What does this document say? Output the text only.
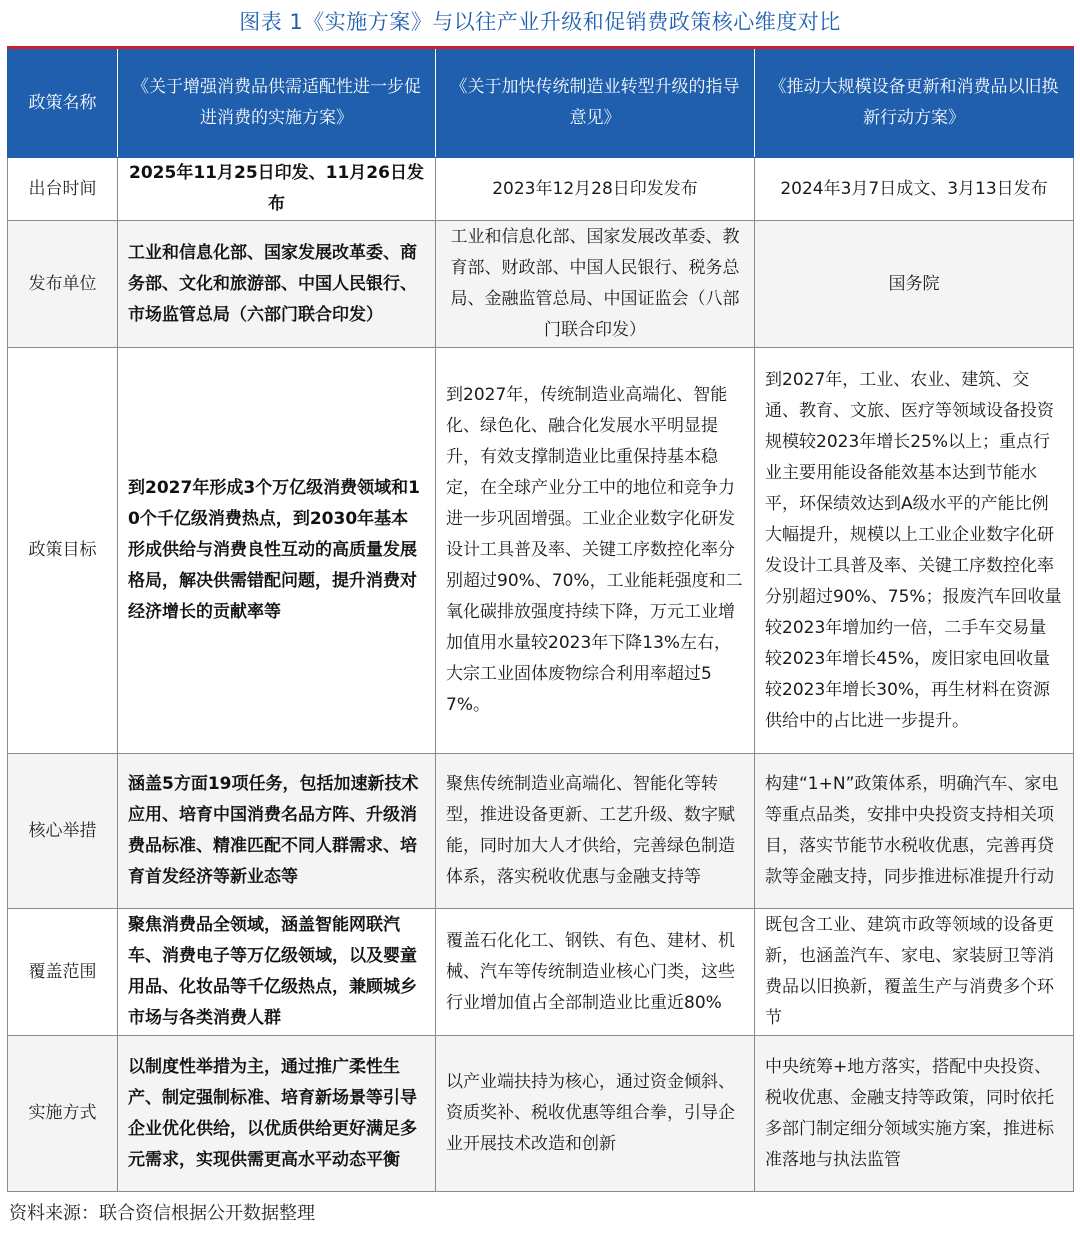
图表 1《实施方案》与以往产业升级和促销费政策核心维度对比
政策名称	《关于增强消费品供需适配性进一步促进消费的实施方案》	《关于加快传统制造业转型升级的指导意见》	《推动大规模设备更新和消费品以旧换新行动方案》
出台时间	2025年11月25日印发、11月26日发布	2023年12月28日印发发布	2024年3月7日成文、3月13日发布
发布单位	工业和信息化部、国家发展改革委、商务部、文化和旅游部、中国人民银行、市场监管总局（六部门联合印发）	工业和信息化部、国家发展改革委、教育部、财政部、中国人民银行、税务总局、金融监管总局、中国证监会（八部门联合印发）	国务院
政策目标	到2027年形成3个万亿级消费领域和10个千亿级消费热点，到2030年基本形成供给与消费良性互动的高质量发展格局，解决供需错配问题，提升消费对经济增长的贡献率等	到2027年，传统制造业高端化、智能化、绿色化、融合化发展水平明显提升，有效支撑制造业比重保持基本稳定，在全球产业分工中的地位和竞争力进一步巩固增强。工业企业数字化研发设计工具普及率、关键工序数控化率分别超过90%、70%，工业能耗强度和二氧化碳排放强度持续下降，万元工业增加值用水量较2023年下降13%左右，大宗工业固体废物综合利用率超过57%。	到2027年，工业、农业、建筑、交通、教育、文旅、医疗等领域设备投资规模较2023年增长25%以上；重点行业主要用能设备能效基本达到节能水平，环保绩效达到A级水平的产能比例大幅提升，规模以上工业企业数字化研发设计工具普及率、关键工序数控化率分别超过90%、75%；报废汽车回收量较2023年增加约一倍，二手车交易量较2023年增长45%，废旧家电回收量较2023年增长30%，再生材料在资源供给中的占比进一步提升。
核心举措	涵盖5方面19项任务，包括加速新技术应用、培育中国消费名品方阵、升级消费品标准、精准匹配不同人群需求、培育首发经济等新业态等	聚焦传统制造业高端化、智能化等转型，推进设备更新、工艺升级、数字赋能，同时加大人才供给，完善绿色制造体系，落实税收优惠与金融支持等	构建“1+N”政策体系，明确汽车、家电等重点品类，安排中央投资支持相关项目，落实节能节水税收优惠，完善再贷款等金融支持，同步推进标准提升行动
覆盖范围	聚焦消费品全领域，涵盖智能网联汽车、消费电子等万亿级领域，以及婴童用品、化妆品等千亿级热点，兼顾城乡市场与各类消费人群	覆盖石化化工、钢铁、有色、建材、机械、汽车等传统制造业核心门类，这些行业增加值占全部制造业比重近80%	既包含工业、建筑市政等领域的设备更新，也涵盖汽车、家电、家装厨卫等消费品以旧换新，覆盖生产与消费多个环节
实施方式	以制度性举措为主，通过推广柔性生产、制定强制标准、培育新场景等引导企业优化供给，以优质供给更好满足多元需求，实现供需更高水平动态平衡	以产业端扶持为核心，通过资金倾斜、资质奖补、税收优惠等组合拳，引导企业开展技术改造和创新	中央统筹+地方落实，搭配中央投资、税收优惠、金融支持等政策，同时依托多部门制定细分领域实施方案，推进标准落地与执法监管
资料来源：联合资信根据公开数据整理
